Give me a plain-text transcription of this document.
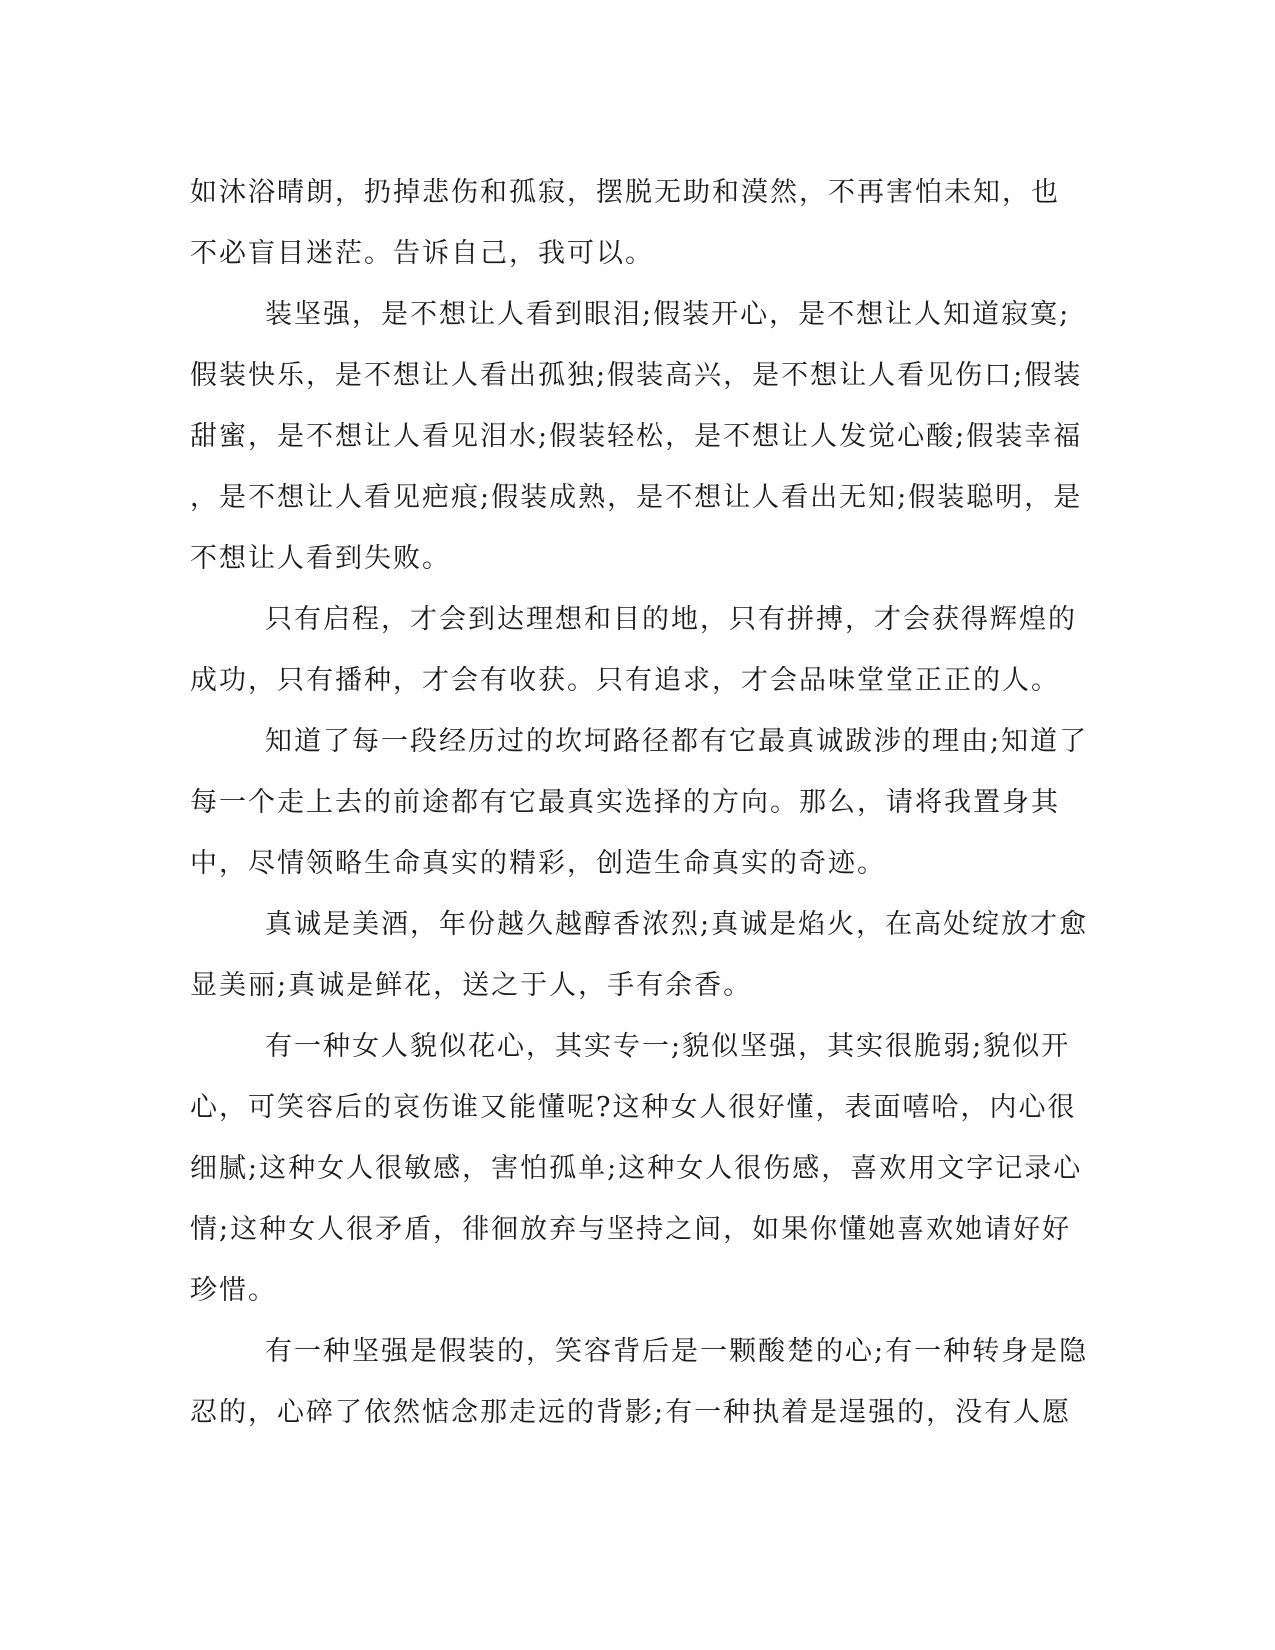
如沐浴晴朗，扔掉悲伤和孤寂，摆脱无助和漠然，不再害怕未知，也
不必盲目迷茫。告诉自己，我可以。
装坚强，是不想让人看到眼泪;假装开心，是不想让人知道寂寞;
假装快乐，是不想让人看出孤独;假装高兴，是不想让人看见伤口;假装
甜蜜，是不想让人看见泪水;假装轻松，是不想让人发觉心酸;假装幸福
，是不想让人看见疤痕;假装成熟，是不想让人看出无知;假装聪明，是
不想让人看到失败。
只有启程，才会到达理想和目的地，只有拼搏，才会获得辉煌的
成功，只有播种，才会有收获。只有追求，才会品味堂堂正正的人。
知道了每一段经历过的坎坷路径都有它最真诚跋涉的理由;知道了
每一个走上去的前途都有它最真实选择的方向。那么，请将我置身其
中，尽情领略生命真实的精彩，创造生命真实的奇迹。
真诚是美酒，年份越久越醇香浓烈;真诚是焰火，在高处绽放才愈
显美丽;真诚是鲜花，送之于人，手有余香。
有一种女人貌似花心，其实专一;貌似坚强，其实很脆弱;貌似开
心，可笑容后的哀伤谁又能懂呢?这种女人很好懂，表面嘻哈，内心很
细腻;这种女人很敏感，害怕孤单;这种女人很伤感，喜欢用文字记录心
情;这种女人很矛盾，徘徊放弃与坚持之间，如果你懂她喜欢她请好好
珍惜。
有一种坚强是假装的，笑容背后是一颗酸楚的心;有一种转身是隐
忍的，心碎了依然惦念那走远的背影;有一种执着是逞强的，没有人愿
